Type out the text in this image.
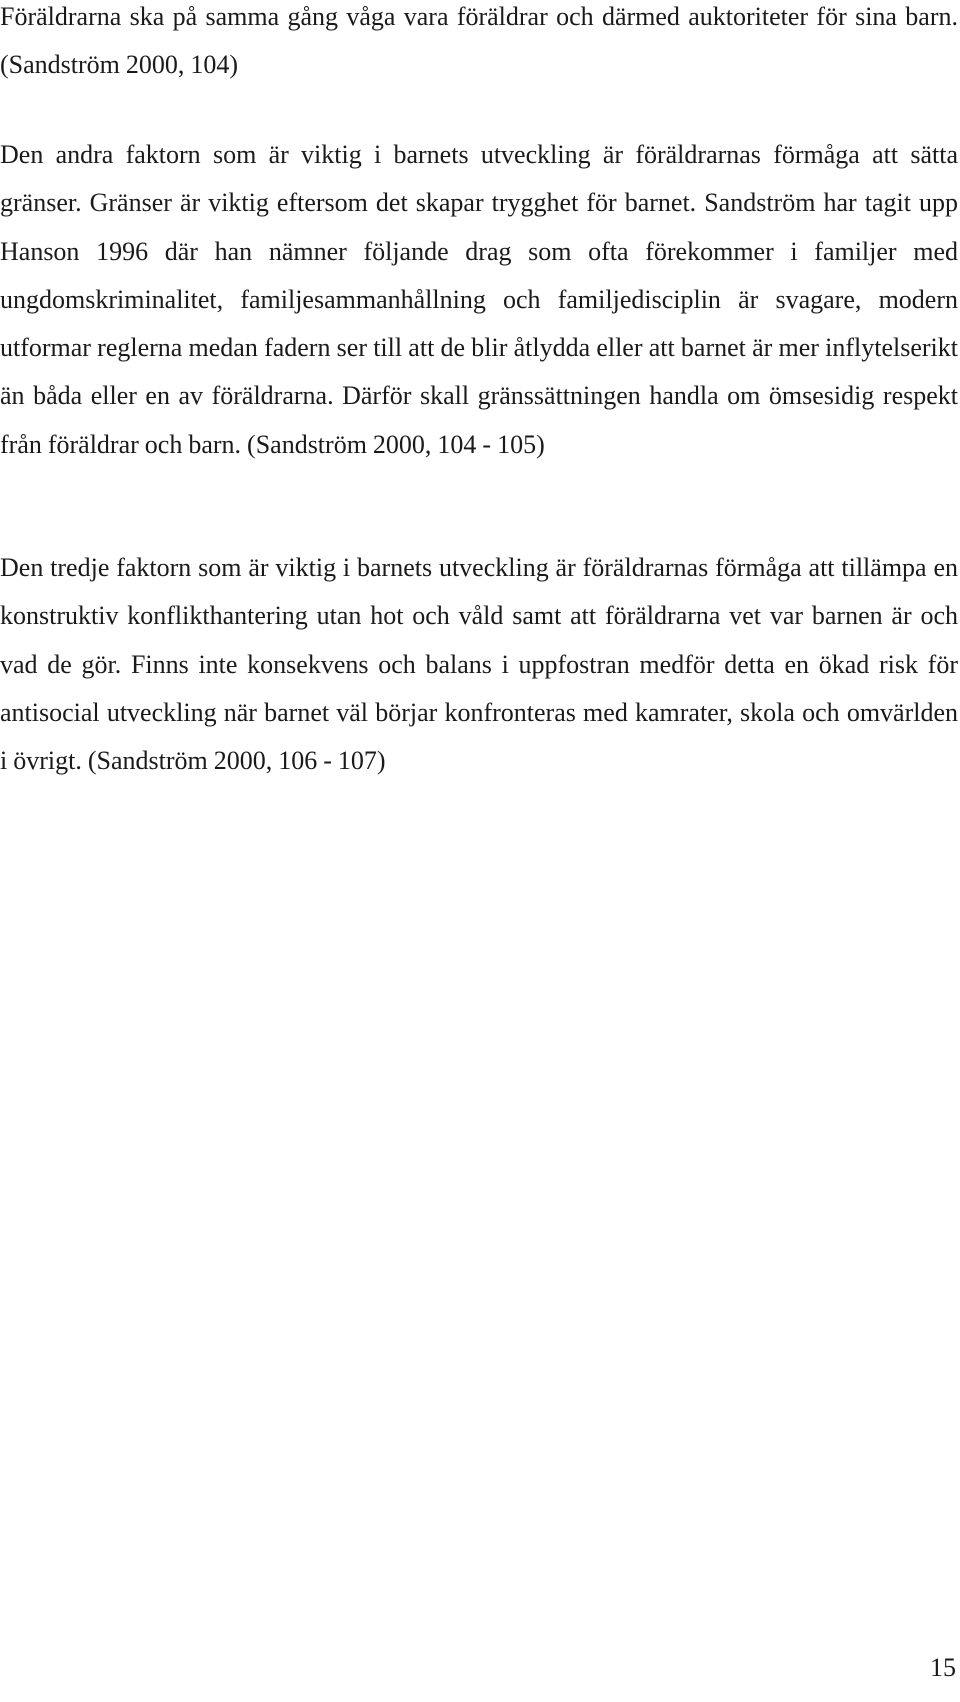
Föräldrarna ska på samma gång våga vara föräldrar och därmed auktoriteter för sina barn. (Sandström 2000, 104)

Den andra faktorn som är viktig i barnets utveckling är föräldrarnas förmåga att sätta gränser. Gränser är viktig eftersom det skapar trygghet för barnet. Sandström har tagit upp Hanson 1996 där han nämner följande drag som ofta förekommer i familjer med ungdomskriminalitet, familjesammanhållning och familjedisciplin är svagare, modern utformar reglerna medan fadern ser till att de blir åtlydda eller att barnet är mer inflytelserikt än båda eller en av föräldrarna. Därför skall gränssättningen handla om ömsesidig respekt från föräldrar och barn. (Sandström 2000, 104 - 105)

Den tredje faktorn som är viktig i barnets utveckling är föräldrarnas förmåga att tillämpa en konstruktiv konflikthantering utan hot och våld samt att föräldrarna vet var barnen är och vad de gör. Finns inte konsekvens och balans i uppfostran medför detta en ökad risk för antisocial utveckling när barnet väl börjar konfronteras med kamrater, skola och omvärlden i övrigt. (Sandström 2000, 106 - 107)

15
